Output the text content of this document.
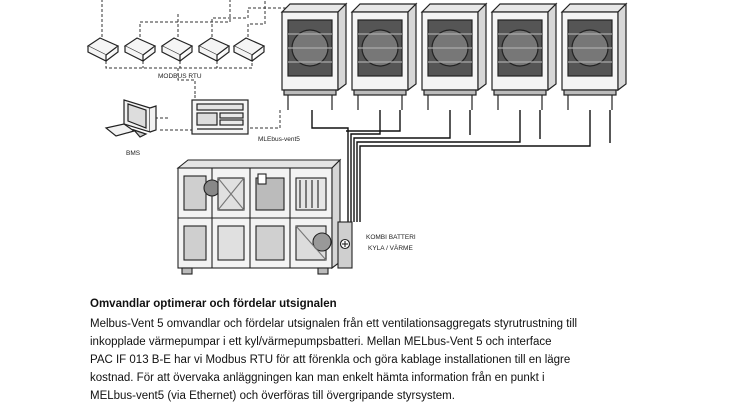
MODBUS RTU
BMS
MLEbus-vent5
KOMBI BATTERI
KYLA / VÄRME
Omvandlar optimerar och fördelar utsignalen
Melbus-Vent 5 omvandlar och fördelar utsignalen från ett ventilationsaggregats styrutrustning till
inkopplade värmepumpar i ett kyl/värmepumpsbatteri. Mellan MELbus-Vent 5 och interface
PAC IF 013 B-E har vi Modbus RTU för att förenkla och göra kablage installationen till en lägre
kostnad. För att övervaka anläggningen kan man enkelt hämta information från en punkt i
MELbus-vent5 (via Ethernet) och överföras till övergripande styrsystem.
